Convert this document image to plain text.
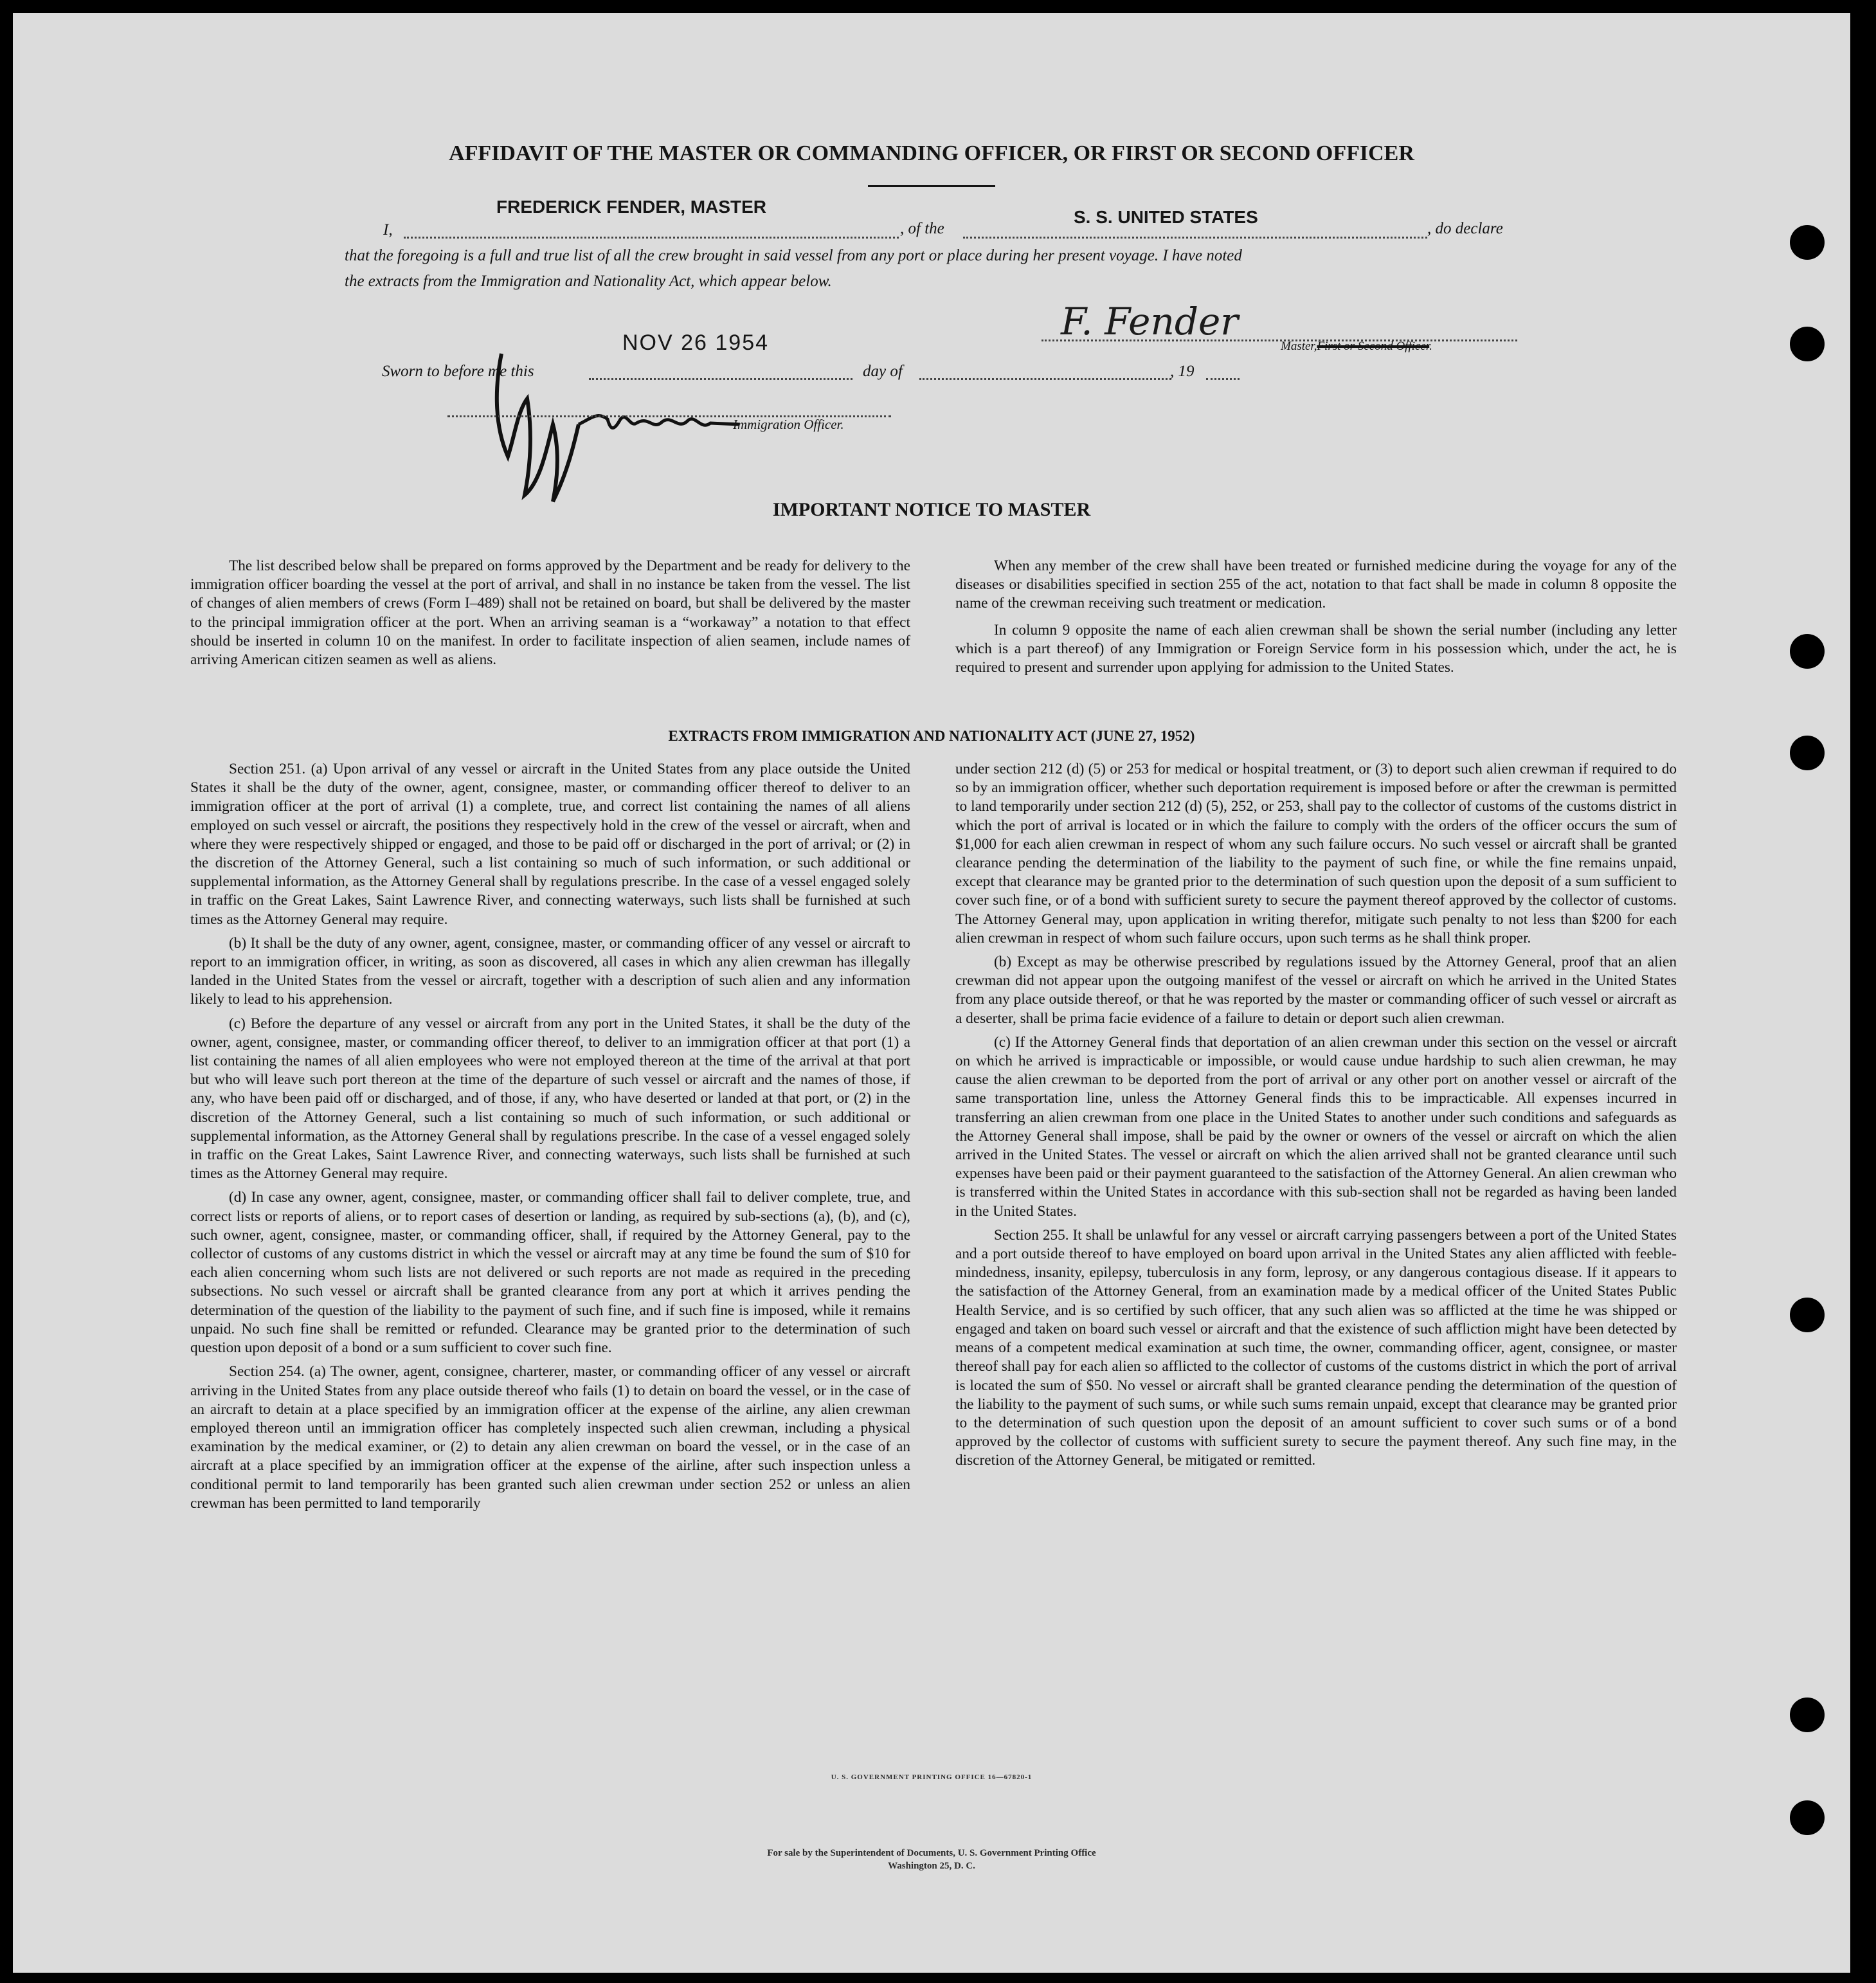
AFFIDAVIT OF THE MASTER OR COMMANDING OFFICER, OR FIRST OR SECOND OFFICER
I,
FREDERICK FENDER, MASTER
, of the
S. S. UNITED STATES
, do declare
that the foregoing is a full and true list of all the crew brought in said vessel from any port or place during her present voyage. I have noted
the extracts from the Immigration and Nationality Act, which appear below.
F. Fender
Master,First or Second Officer.
NOV 26 1954
Sworn to before me this	day of	, 19
Immigration Officer.
IMPORTANT NOTICE TO MASTER

The list described below shall be prepared on forms approved by the Department and be ready for delivery to the immigration officer boarding the vessel at the port of arrival, and shall in no instance be taken from the vessel. The list of changes of alien members of crews (Form I–489) shall not be retained on board, but shall be delivered by the master to the principal immigration officer at the port. When an arriving seaman is a “workaway” a notation to that effect should be inserted in column 10 on the manifest. In order to facilitate inspection of alien seamen, include names of arriving American citizen seamen as well as aliens.

When any member of the crew shall have been treated or furnished medicine during the voyage for any of the diseases or disabilities specified in section 255 of the act, notation to that fact shall be made in column 8 opposite the name of the crewman receiving such treatment or medication.

In column 9 opposite the name of each alien crewman shall be shown the serial number (including any letter which is a part thereof) of any Immigration or Foreign Service form in his possession which, under the act, he is required to present and surrender upon applying for admission to the United States.

EXTRACTS FROM IMMIGRATION AND NATIONALITY ACT (JUNE 27, 1952)

Section 251. (a) Upon arrival of any vessel or aircraft in the United States from any place outside the United States it shall be the duty of the owner, agent, consignee, master, or commanding officer thereof to deliver to an immigration officer at the port of arrival (1) a complete, true, and correct list containing the names of all aliens employed on such vessel or aircraft, the positions they respectively hold in the crew of the vessel or aircraft, when and where they were respectively shipped or engaged, and those to be paid off or discharged in the port of arrival; or (2) in the discretion of the Attorney General, such a list containing so much of such information, or such additional or supplemental information, as the Attorney General shall by regulations prescribe. In the case of a vessel engaged solely in traffic on the Great Lakes, Saint Lawrence River, and connecting waterways, such lists shall be furnished at such times as the Attorney General may require.

(b) It shall be the duty of any owner, agent, consignee, master, or commanding officer of any vessel or aircraft to report to an immigration officer, in writing, as soon as discovered, all cases in which any alien crewman has illegally landed in the United States from the vessel or aircraft, together with a description of such alien and any information likely to lead to his apprehension.

(c) Before the departure of any vessel or aircraft from any port in the United States, it shall be the duty of the owner, agent, consignee, master, or commanding officer thereof, to deliver to an immigration officer at that port (1) a list containing the names of all alien employees who were not employed thereon at the time of the arrival at that port but who will leave such port thereon at the time of the departure of such vessel or aircraft and the names of those, if any, who have been paid off or discharged, and of those, if any, who have deserted or landed at that port, or (2) in the discretion of the Attorney General, such a list containing so much of such information, or such additional or supplemental information, as the Attorney General shall by regulations prescribe. In the case of a vessel engaged solely in traffic on the Great Lakes, Saint Lawrence River, and connecting waterways, such lists shall be furnished at such times as the Attorney General may require.

(d) In case any owner, agent, consignee, master, or commanding officer shall fail to deliver complete, true, and correct lists or reports of aliens, or to report cases of desertion or landing, as required by sub-sections (a), (b), and (c), such owner, agent, consignee, master, or commanding officer, shall, if required by the Attorney General, pay to the collector of customs of any customs district in which the vessel or aircraft may at any time be found the sum of $10 for each alien concerning whom such lists are not delivered or such reports are not made as required in the preceding subsections. No such vessel or aircraft shall be granted clearance from any port at which it arrives pending the determination of the question of the liability to the payment of such fine, and if such fine is imposed, while it remains unpaid. No such fine shall be remitted or refunded. Clearance may be granted prior to the determination of such question upon deposit of a bond or a sum sufficient to cover such fine.

Section 254. (a) The owner, agent, consignee, charterer, master, or commanding officer of any vessel or aircraft arriving in the United States from any place outside thereof who fails (1) to detain on board the vessel, or in the case of an aircraft to detain at a place specified by an immigration officer at the expense of the airline, any alien crewman employed thereon until an immigration officer has completely inspected such alien crewman, including a physical examination by the medical examiner, or (2) to detain any alien crewman on board the vessel, or in the case of an aircraft at a place specified by an immigration officer at the expense of the airline, after such inspection unless a conditional permit to land temporarily has been granted such alien crewman under section 252 or unless an alien crewman has been permitted to land temporarily

under section 212 (d) (5) or 253 for medical or hospital treatment, or (3) to deport such alien crewman if required to do so by an immigration officer, whether such deportation requirement is imposed before or after the crewman is permitted to land temporarily under section 212 (d) (5), 252, or 253, shall pay to the collector of customs of the customs district in which the port of arrival is located or in which the failure to comply with the orders of the officer occurs the sum of $1,000 for each alien crewman in respect of whom any such failure occurs. No such vessel or aircraft shall be granted clearance pending the determination of the liability to the payment of such fine, or while the fine remains unpaid, except that clearance may be granted prior to the determination of such question upon the deposit of a sum sufficient to cover such fine, or of a bond with sufficient surety to secure the payment thereof approved by the collector of customs. The Attorney General may, upon application in writing therefor, mitigate such penalty to not less than $200 for each alien crewman in respect of whom such failure occurs, upon such terms as he shall think proper.

(b) Except as may be otherwise prescribed by regulations issued by the Attorney General, proof that an alien crewman did not appear upon the outgoing manifest of the vessel or aircraft on which he arrived in the United States from any place outside thereof, or that he was reported by the master or commanding officer of such vessel or aircraft as a deserter, shall be prima facie evidence of a failure to detain or deport such alien crewman.

(c) If the Attorney General finds that deportation of an alien crewman under this section on the vessel or aircraft on which he arrived is impracticable or impossible, or would cause undue hardship to such alien crewman, he may cause the alien crewman to be deported from the port of arrival or any other port on another vessel or aircraft of the same transportation line, unless the Attorney General finds this to be impracticable. All expenses incurred in transferring an alien crewman from one place in the United States to another under such conditions and safeguards as the Attorney General shall impose, shall be paid by the owner or owners of the vessel or aircraft on which the alien arrived in the United States. The vessel or aircraft on which the alien arrived shall not be granted clearance until such expenses have been paid or their payment guaranteed to the satisfaction of the Attorney General. An alien crewman who is transferred within the United States in accordance with this sub-section shall not be regarded as having been landed in the United States.

Section 255. It shall be unlawful for any vessel or aircraft carrying passengers between a port of the United States and a port outside thereof to have employed on board upon arrival in the United States any alien afflicted with feeble-mindedness, insanity, epilepsy, tuberculosis in any form, leprosy, or any dangerous contagious disease. If it appears to the satisfaction of the Attorney General, from an examination made by a medical officer of the United States Public Health Service, and is so certified by such officer, that any such alien was so afflicted at the time he was shipped or engaged and taken on board such vessel or aircraft and that the existence of such affliction might have been detected by means of a competent medical examination at such time, the owner, commanding officer, agent, consignee, or master thereof shall pay for each alien so afflicted to the collector of customs of the customs district in which the port of arrival is located the sum of $50. No vessel or aircraft shall be granted clearance pending the determination of the question of the liability to the payment of such sums, or while such sums remain unpaid, except that clearance may be granted prior to the determination of such question upon the deposit of an amount sufficient to cover such sums or of a bond approved by the collector of customs with sufficient surety to secure the payment thereof. Any such fine may, in the discretion of the Attorney General, be mitigated or remitted.

U. S. GOVERNMENT PRINTING OFFICE 16—67820-1
For sale by the Superintendent of Documents, U. S. Government Printing Office
Washington 25, D. C.
